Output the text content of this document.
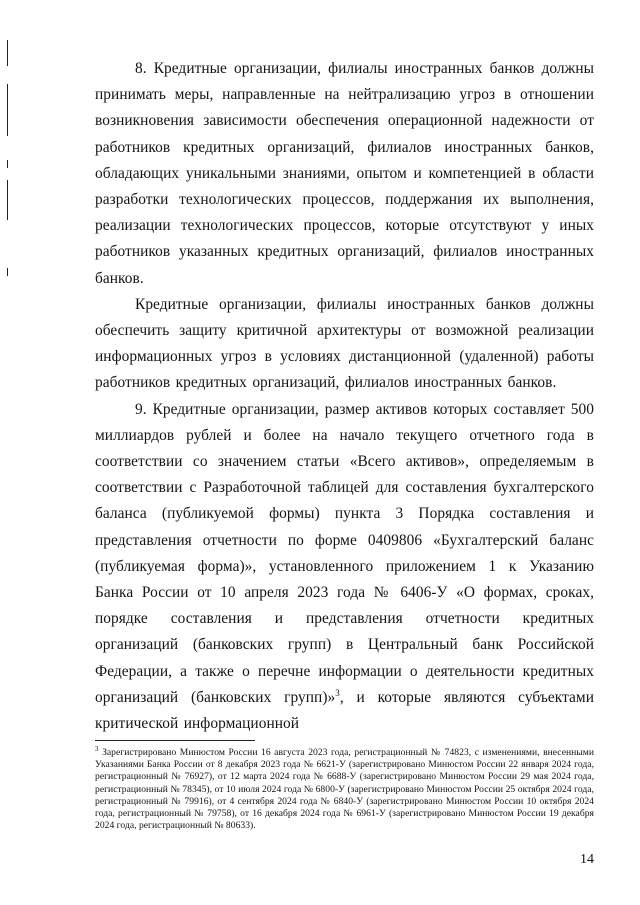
8. Кредитные организации, филиалы иностранных банков должны принимать меры, направленные на нейтрализацию угроз в отношении возникновения зависимости обеспечения операционной надежности от работников кредитных организаций, филиалов иностранных банков, обладающих уникальными знаниями, опытом и компетенцией в области разработки технологических процессов, поддержания их выполнения, реализации технологических процессов, которые отсутствуют у иных работников указанных кредитных организаций, филиалов иностранных банков.

Кредитные организации, филиалы иностранных банков должны обеспечить защиту критичной архитектуры от возможной реализации информационных угроз в условиях дистанционной (удаленной) работы работников кредитных организаций, филиалов иностранных банков.

9. Кредитные организации, размер активов которых составляет 500 миллиардов рублей и более на начало текущего отчетного года в соответствии со значением статьи «Всего активов», определяемым в соответствии с Разработочной таблицей для составления бухгалтерского баланса (публикуемой формы) пункта 3 Порядка составления и представления отчетности по форме 0409806 «Бухгалтерский баланс (публикуемая форма)», установленного приложением 1 к Указанию Банка России от 10 апреля 2023 года № 6406-У «О формах, сроках, порядке составления и представления отчетности кредитных организаций (банковских групп) в Центральный банк Российской Федерации, а также о перечне информации о деятельности кредитных организаций (банковских групп)»$^3$, и которые являются субъектами критической информационной

$^3$ Зарегистрировано Минюстом России 16 августа 2023 года, регистрационный № 74823, с изменениями, внесенными Указаниями Банка России от 8 декабря 2023 года № 6621-У (зарегистрировано Минюстом России 22 января 2024 года, регистрационный № 76927), от 12 марта 2024 года № 6688-У (зарегистрировано Минюстом России 29 мая 2024 года, регистрационный № 78345), от 10 июля 2024 года № 6800-У (зарегистрировано Минюстом России 25 октября 2024 года, регистрационный № 79916), от 4 сентября 2024 года № 6840-У (зарегистрировано Минюстом России 10 октября 2024 года, регистрационный № 79758), от 16 декабря 2024 года № 6961-У (зарегистрировано Минюстом России 19 декабря 2024 года, регистрационный № 80633).

14
